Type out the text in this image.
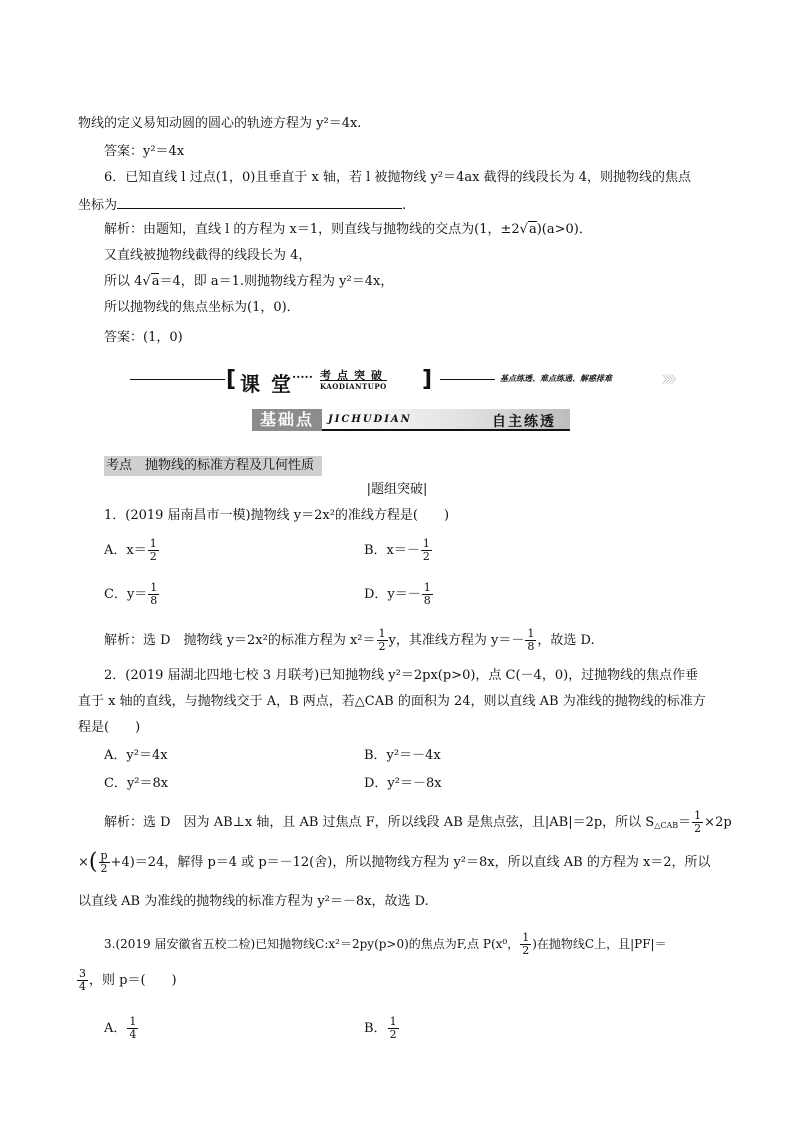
物线的定义易知动圆的圆心的轨迹方程为 y²＝4x.
答案：y²＝4x
6．已知直线 l 过点(1，0)且垂直于 x 轴，若 l 被抛物线 y²＝4ax 截得的线段长为 4，则抛物线的焦点
坐标为	.
解析：由题知，直线 l 的方程为 x＝1，则直线与抛物线的交点为(1，±2√a)(a>0)．
又直线被抛物线截得的线段长为 4，
所以 4√a＝4，即 a＝1.则抛物线方程为 y²＝4x，
所以抛物线的焦点坐标为(1，0)．
答案：(1，0)
[ 课 堂 ····· 考点突破
KAODIANTUPO ]	基点练透、难点练通、解惑排难	〉〉〉〉
基础点	JICHUDIAN	自主练透
考点　抛物线的标准方程及几何性质
|题组突破|
1．(2019 届南昌市一模)抛物线 y＝2x²的准线方程是(　　)
A．$x= \frac{1}{2}$	B．$x=- \frac{1}{2}$
C．$y= \frac{1}{8}$	D．$y=- \frac{1}{8}$
解析：选 D　抛物线 y＝2x²的标准方程为 $x^2= \frac{1}{2}$ y，其准线方程为 $y=- \frac{1}{8}$ ，故选 D.
2．(2019 届湖北四地七校 3 月联考)已知抛物线 y²＝2px(p>0)，点 C(－4，0)，过抛物线的焦点作垂
直于 x 轴的直线，与抛物线交于 A，B 两点，若△CAB 的面积为 24，则以直线 AB 为准线的抛物线的标准方
程是(　　)
A．y²＝4x	B．y²＝－4x
C．y²＝8x	D．y²＝－8x
解析：选 D　因为 AB⊥x 轴，且 AB 过焦点 F，所以线段 AB 是焦点弦，且|AB|＝2p，所以 S△CAB＝ $\frac{1}{2} \times 2p$
×( $\frac{p}{2} +4)=24$，解得 p＝4 或 p＝－12(舍)，所以抛物线方程为 y²＝8x，所以直线 AB 的方程为 x＝2，所以
以直线 AB 为准线的抛物线的标准方程为 y²＝－8x，故选 D.
3.(2019 届安徽省五校二检)已知抛物线C:x²＝2py(p>0)的焦点为F,点 P(x⁰， $\frac{1}{2}$ )在抛物线C上，且|PF|＝
$\frac{3}{4}$ ，则 p＝(　　)
A． $\frac{1}{4}$	B． $\frac{1}{2}$
